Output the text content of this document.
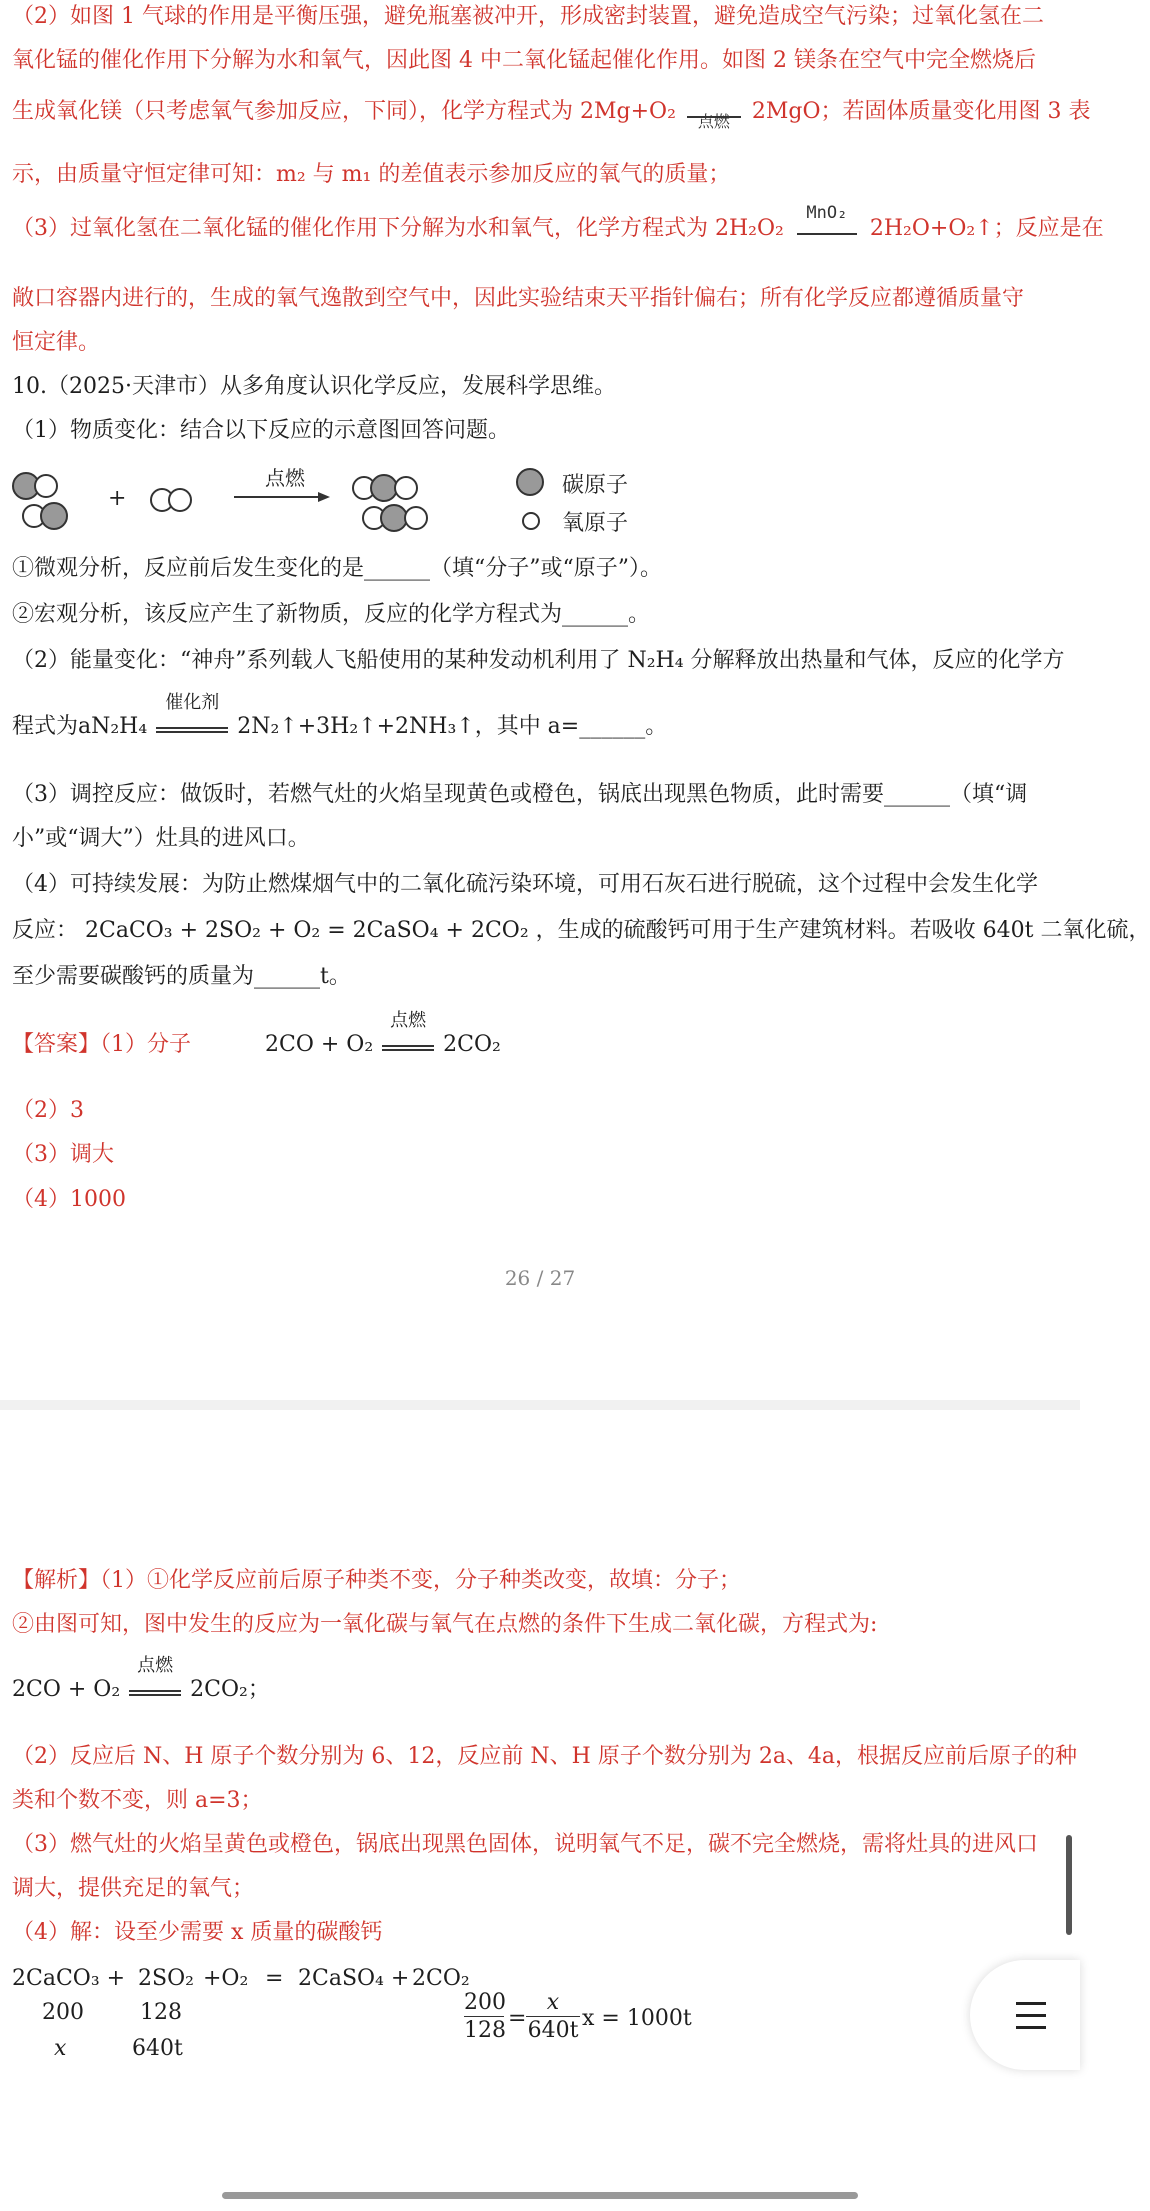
（2）如图 1 气球的作用是平衡压强，避免瓶塞被冲开，形成密封装置，避免造成空气污染；过氧化氢在二
氧化锰的催化作用下分解为水和氧气，因此图 4 中二氧化锰起催化作用。如图 2 镁条在空气中完全燃烧后
生成氧化镁（只考虑氧气参加反应，下同），化学方程式为 2Mg+O₂	点燃	2MgO；若固体质量变化用图 3 表
示，由质量守恒定律可知：m₂ 与 m₁ 的差值表示参加反应的氧气的质量；
（3）过氧化氢在二氧化锰的催化作用下分解为水和氧气，化学方程式为 2H₂O₂
MnO₂
2H₂O+O₂↑；反应是在
敞口容器内进行的，生成的氧气逸散到空气中，因此实验结束天平指针偏右；所有化学反应都遵循质量守
恒定律。
10.（2025·天津市）从多角度认识化学反应，发展科学思维。
（1）物质变化：结合以下反应的示意图回答问题。
+
点燃	碳原子
氧原子
①微观分析，反应前后发生变化的是______（填“分子”或“原子”）。
②宏观分析，该反应产生了新物质，反应的化学方程式为______。
（2）能量变化：“神舟”系列载人飞船使用的某种发动机利用了 N₂H₄ 分解释放出热量和气体，反应的化学方
程式为aN₂H₄
催化剂
2N₂↑+3H₂↑+2NH₃↑，其中 a=______。
（3）调控反应：做饭时，若燃气灶的火焰呈现黄色或橙色，锅底出现黑色物质，此时需要______（填“调
小”或“调大”）灶具的进风口。
（4）可持续发展：为防止燃煤烟气中的二氧化硫污染环境，可用石灰石进行脱硫，这个过程中会发生化学
反应： 2CaCO₃ + 2SO₂ + O₂ = 2CaSO₄ + 2CO₂ ，生成的硫酸钙可用于生产建筑材料。若吸收 640t 二氧化硫，
至少需要碳酸钙的质量为______t。
【答案】（1）分子	2CO + O₂
点燃
2CO₂
（2）3
（3）调大
（4）1000
26 / 27
【解析】（1）①化学反应前后原子种类不变，分子种类改变，故填：分子；
②由图可知，图中发生的反应为一氧化碳与氧气在点燃的条件下生成二氧化碳，方程式为:
2CO + O₂
点燃
2CO₂；
（2）反应后 N、H 原子个数分别为 6、12，反应前 N、H 原子个数分别为 2a、4a，根据反应前后原子的种
类和个数不变，则 a=3；
（3）燃气灶的火焰呈黄色或橙色，锅底出现黑色固体，说明氧气不足，碳不完全燃烧，需将灶具的进风口
调大，提供充足的氧气；
（4）解：设至少需要 x 质量的碳酸钙
2CaCO₃ + 2SO₂ +O₂ = 2CaSO₄ + 2CO₂
200	128
x	640t
200
128 =
x
640t x = 1000t
